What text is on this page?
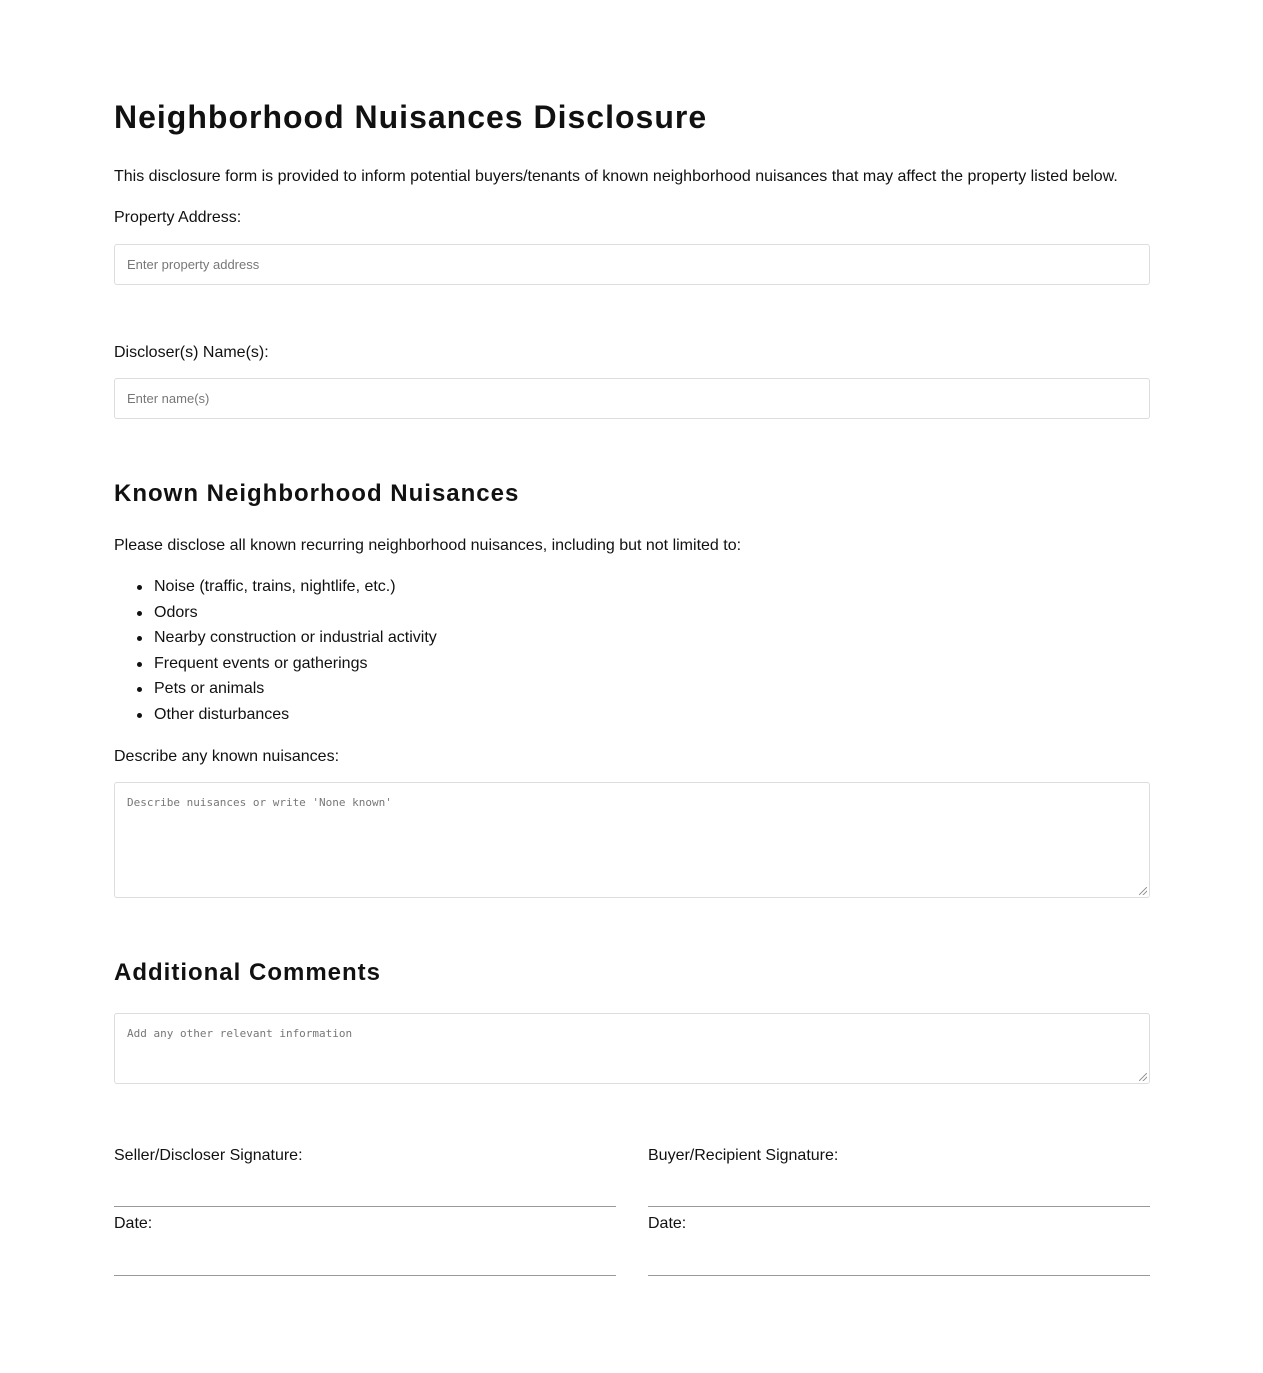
Neighborhood Nuisances Disclosure

This disclosure form is provided to inform potential buyers/tenants of known neighborhood nuisances that may affect the property listed below.

Property Address:
Enter property address
Discloser(s) Name(s):
Enter name(s)
Known Neighborhood Nuisances

Please disclose all known recurring neighborhood nuisances, including but not limited to:

Noise (traffic, trains, nightlife, etc.)
Odors
Nearby construction or industrial activity
Frequent events or gatherings
Pets or animals
Other disturbances
Describe any known nuisances:
Describe nuisances or write 'None known'
Additional Comments
Add any other relevant information
Seller/Discloser Signature:
Date:
Buyer/Recipient Signature:
Date:
